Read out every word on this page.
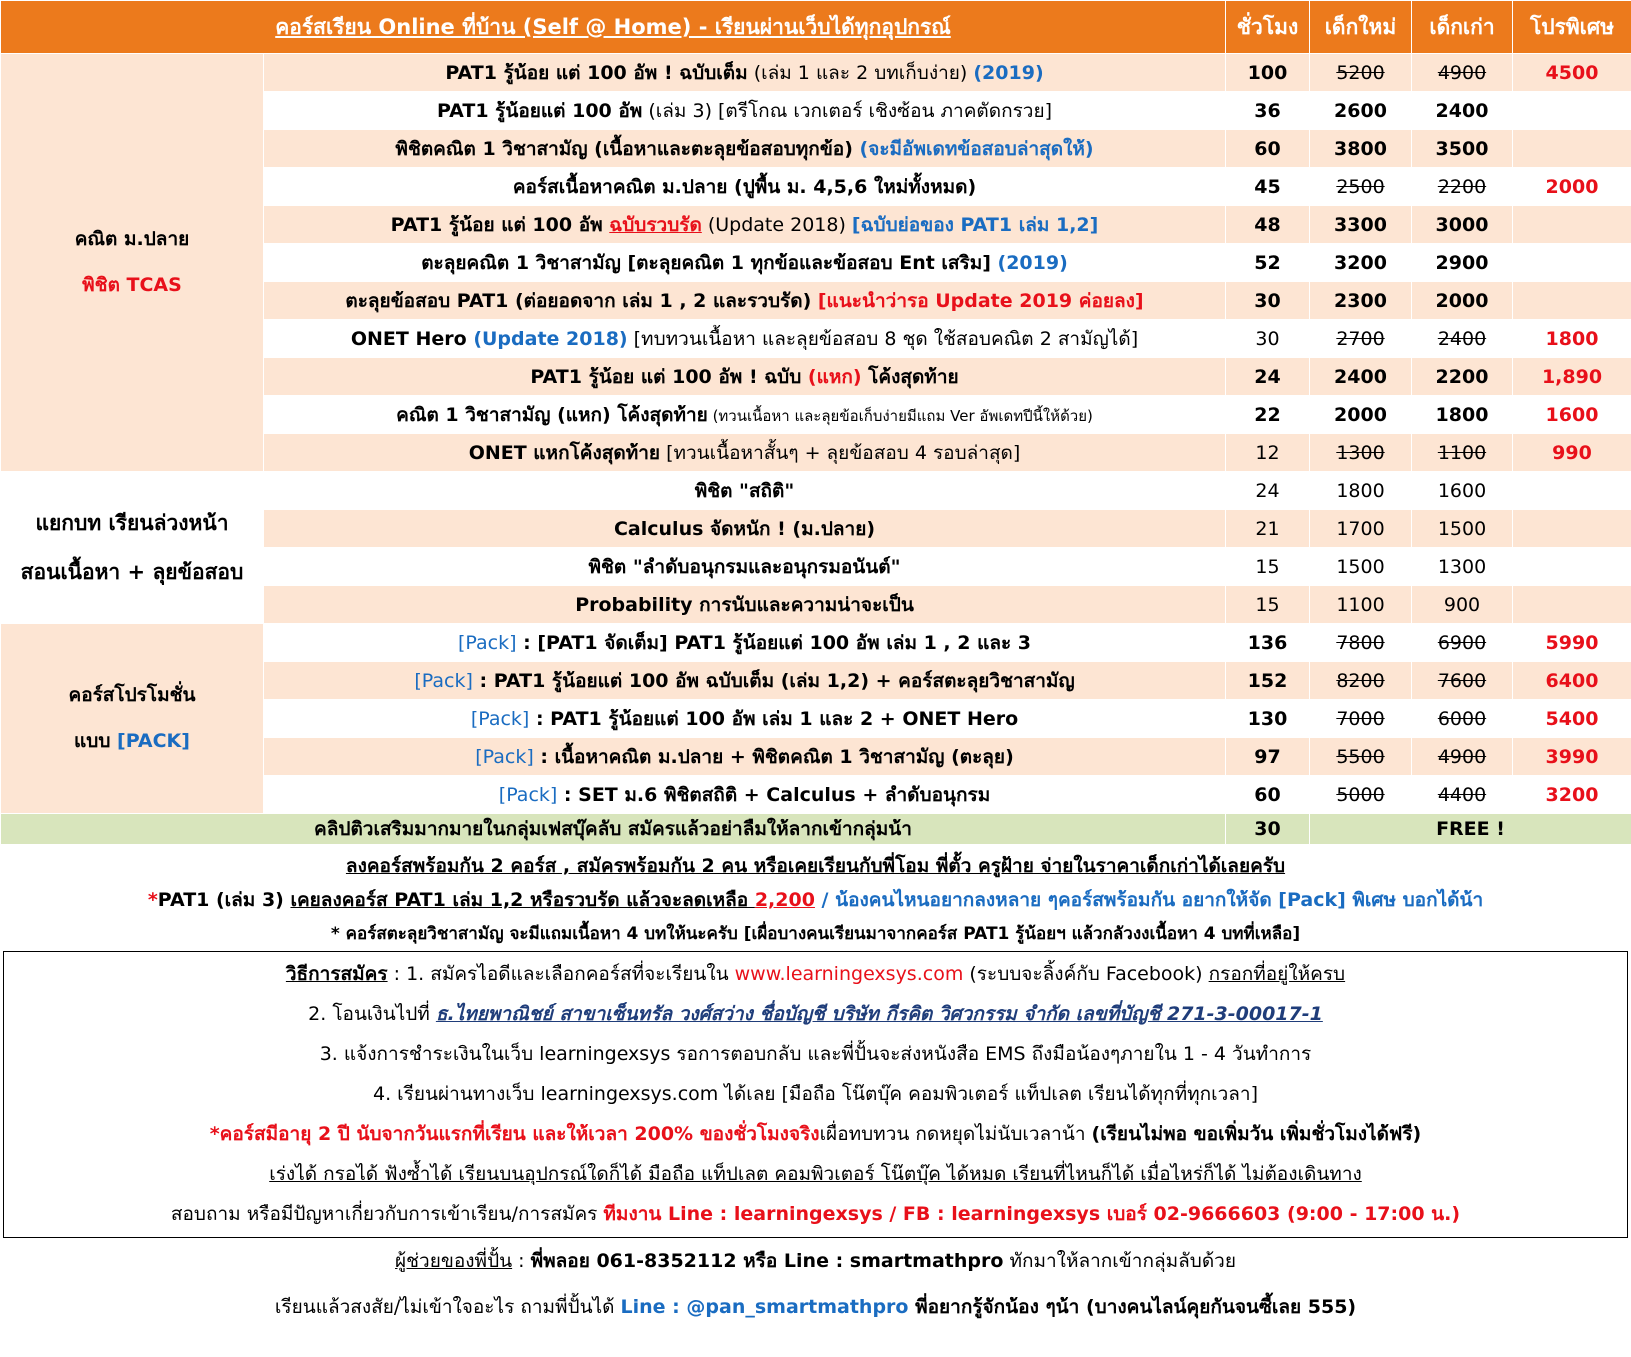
คอร์สเรียน Online ที่บ้าน (Self @ Home) - เรียนผ่านเว็บได้ทุกอุปกรณ์		ชั่วโมง	เด็กใหม่	เด็กเก่า	โปรพิเศษ

คณิต ม.ปลาย
พิชิต TCAS	PAT1 รู้น้อย แต่ 100 อัพ ! ฉบับเต็ม (เล่ม 1 และ 2 บทเก็บง่าย) (2019)	100	5200	4900	4500
	PAT1 รู้น้อยแต่ 100 อัพ (เล่ม 3) [ตรีโกณ เวกเตอร์ เชิงซ้อน ภาคตัดกรวย]	36	2600	2400	
	พิชิตคณิต 1 วิชาสามัญ (เนื้อหาและตะลุยข้อสอบทุกข้อ) (จะมีอัพเดทข้อสอบล่าสุดให้)	60	3800	3500	
	คอร์สเนื้อหาคณิต ม.ปลาย (ปูพื้น ม. 4,5,6 ใหม่ทั้งหมด)	45	2500	2200	2000
	PAT1 รู้น้อย แต่ 100 อัพ ฉบับรวบรัด (Update 2018) [ฉบับย่อของ PAT1 เล่ม 1,2]	48	3300	3000	
	ตะลุยคณิต 1 วิชาสามัญ [ตะลุยคณิต 1 ทุกข้อและข้อสอบ Ent เสริม] (2019)	52	3200	2900	
	ตะลุยข้อสอบ PAT1 (ต่อยอดจาก เล่ม 1 , 2 และรวบรัด) [แนะนำว่ารอ Update 2019 ค่อยลง]	30	2300	2000	
	ONET Hero (Update 2018) [ทบทวนเนื้อหา และลุยข้อสอบ 8 ชุด ใช้สอบคณิต 2 สามัญได้]	30	2700	2400	1800
	PAT1 รู้น้อย แต่ 100 อัพ ! ฉบับ (แหก) โค้งสุดท้าย	24	2400	2200	1,890
	คณิต 1 วิชาสามัญ (แหก) โค้งสุดท้าย (ทวนเนื้อหา และลุยข้อเก็บง่ายมีแถม Ver อัพเดทปีนี้ให้ด้วย)	22	2000	1800	1600
	ONET แหกโค้งสุดท้าย [ทวนเนื้อหาสั้นๆ + ลุยข้อสอบ 4 รอบล่าสุด]	12	1300	1100	990

แยกบท เรียนล่วงหน้า
สอนเนื้อหา + ลุยข้อสอบ	พิชิต "สถิติ"	24	1800	1600	
	Calculus จัดหนัก ! (ม.ปลาย)	21	1700	1500	
	พิชิต "ลำดับอนุกรมและอนุกรมอนันต์"	15	1500	1300	
	Probability การนับและความน่าจะเป็น	15	1100	900	

คอร์สโปรโมชั่น
แบบ [PACK]	[Pack] : [PAT1 จัดเต็ม] PAT1 รู้น้อยแต่ 100 อัพ เล่ม 1 , 2 และ 3	136	7800	6900	5990
	[Pack] : PAT1 รู้น้อยแต่ 100 อัพ ฉบับเต็ม (เล่ม 1,2) + คอร์สตะลุยวิชาสามัญ	152	8200	7600	6400
	[Pack] : PAT1 รู้น้อยแต่ 100 อัพ เล่ม 1 และ 2 + ONET Hero	130	7000	6000	5400
	[Pack] : เนื้อหาคณิต ม.ปลาย + พิชิตคณิต 1 วิชาสามัญ (ตะลุย)	97	5500	4900	3990
	[Pack] : SET ม.6 พิชิตสถิติ + Calculus + ลำดับอนุกรม	60	5000	4400	3200
คลิปติวเสริมมากมายในกลุ่มเฟสบุ๊คลับ สมัครแล้วอย่าลืมให้ลากเข้ากลุ่มน้า		30	FREE !		
ลงคอร์สพร้อมกัน 2 คอร์ส , สมัครพร้อมกัน 2 คน หรือเคยเรียนกับพี่โอม พี่ตั้ว ครูฝ้าย จ่ายในราคาเด็กเก่าได้เลยครับ
*PAT1 (เล่ม 3) เคยลงคอร์ส PAT1 เล่ม 1,2 หรือรวบรัด แล้วจะลดเหลือ 2,200 / น้องคนไหนอยากลงหลาย ๆคอร์สพร้อมกัน อยากให้จัด [Pack] พิเศษ บอกได้น้า
* คอร์สตะลุยวิชาสามัญ จะมีแถมเนื้อหา 4 บทให้นะครับ [เผื่อบางคนเรียนมาจากคอร์ส PAT1 รู้น้อยฯ แล้วกลัวงงเนื้อหา 4 บทที่เหลือ]
วิธีการสมัคร : 1. สมัครไอดีและเลือกคอร์สที่จะเรียนใน www.learningexsys.com (ระบบจะลิ้งค์กับ Facebook) กรอกที่อยู่ให้ครบ
2. โอนเงินไปที่ ธ.ไทยพาณิชย์ สาขาเซ็นทรัล วงศ์สว่าง ชื่อบัญชี บริษัท กีรคิต วิศวกรรม จำกัด เลขที่บัญชี 271-3-00017-1
3. แจ้งการชำระเงินในเว็บ learningexsys รอการตอบกลับ และพี่ปั้นจะส่งหนังสือ EMS ถึงมือน้องๆภายใน 1 - 4 วันทำการ
4. เรียนผ่านทางเว็บ learningexsys.com ได้เลย [มือถือ โน๊ตบุ๊ค คอมพิวเตอร์ แท็ปเลต เรียนได้ทุกที่ทุกเวลา]
*คอร์สมีอายุ 2 ปี นับจากวันแรกที่เรียน และให้เวลา 200% ของชั่วโมงจริงเผื่อทบทวน กดหยุดไม่นับเวลาน้า (เรียนไม่พอ ขอเพิ่มวัน เพิ่มชั่วโมงได้ฟรี)
เร่งได้ กรอได้ ฟังซ้ำได้ เรียนบนอุปกรณ์ใดก็ได้ มือถือ แท็ปเลต คอมพิวเตอร์ โน๊ตบุ๊ค ได้หมด เรียนที่ไหนก็ได้ เมื่อไหร่ก็ได้ ไม่ต้องเดินทาง
สอบถาม หรือมีปัญหาเกี่ยวกับการเข้าเรียน/การสมัคร ทีมงาน Line : learningexsys / FB : learningexsys เบอร์ 02-9666603 (9:00 - 17:00 น.)
ผู้ช่วยของพี่ปั้น : พี่พลอย 061-8352112 หรือ Line : smartmathpro ทักมาให้ลากเข้ากลุ่มลับด้วย
เรียนแล้วสงสัย/ไม่เข้าใจอะไร ถามพี่ปั้นได้ Line : @pan_smartmathpro พี่อยากรู้จักน้อง ๆน้า (บางคนไลน์คุยกันจนซี้เลย 555)
